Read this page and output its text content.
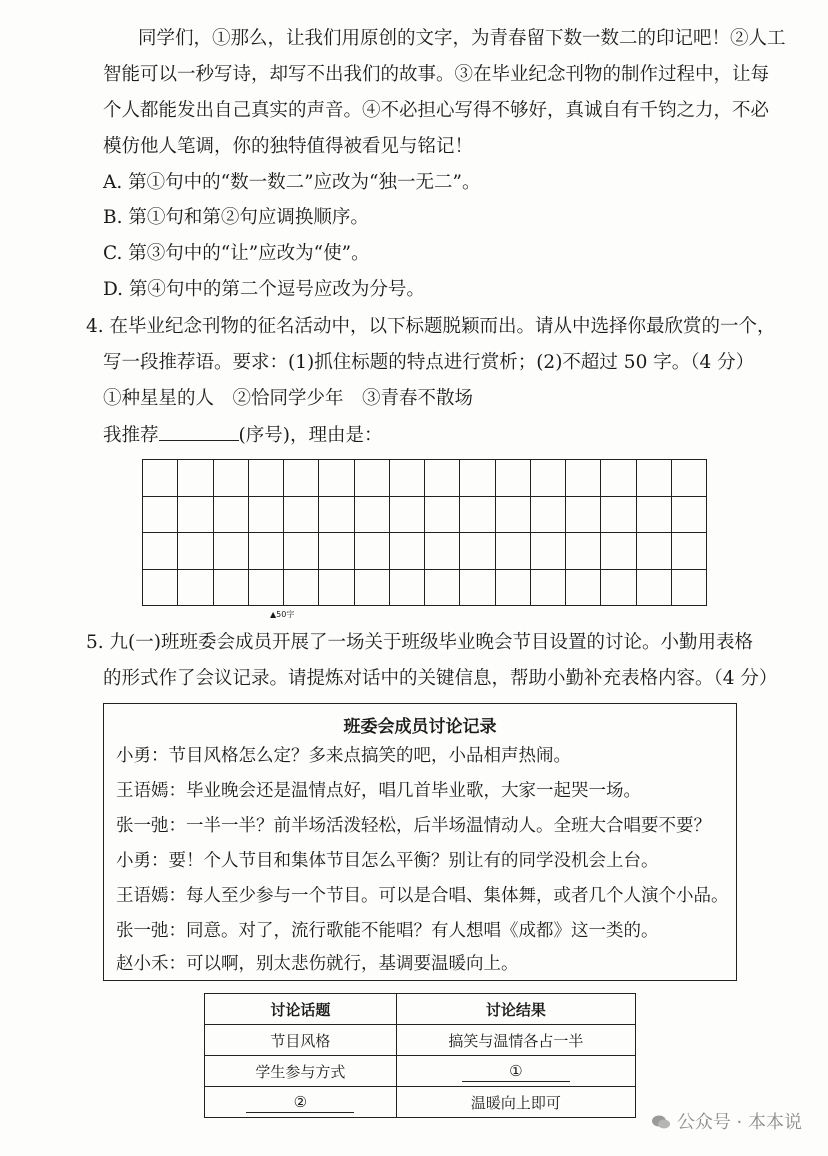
同学们，①那么，让我们用原创的文字，为青春留下数一数二的印记吧！②人工
智能可以一秒写诗，却写不出我们的故事。③在毕业纪念刊物的制作过程中，让每
个人都能发出自己真实的声音。④不必担心写得不够好，真诚自有千钧之力，不必
模仿他人笔调，你的独特值得被看见与铭记！
A. 第①句中的“数一数二”应改为“独一无二”。
B. 第①句和第②句应调换顺序。
C. 第③句中的“让”应改为“使”。
D. 第④句中的第二个逗号应改为分号。
4. 在毕业纪念刊物的征名活动中，以下标题脱颖而出。请从中选择你最欣赏的一个，
写一段推荐语。要求：(1)抓住标题的特点进行赏析；(2)不超过 50 字。（4 分）
①种星星的人　②恰同学少年　③青春不散场
我推荐	(序号)，理由是：
▲50字
5. 九(一)班班委会成员开展了一场关于班级毕业晚会节目设置的讨论。小勤用表格
的形式作了会议记录。请提炼对话中的关键信息，帮助小勤补充表格内容。（4 分）
班委会成员讨论记录
小勇：节目风格怎么定？多来点搞笑的吧，小品相声热闹。
王语嫣：毕业晚会还是温情点好，唱几首毕业歌，大家一起哭一场。
张一弛：一半一半？前半场活泼轻松，后半场温情动人。全班大合唱要不要？
小勇：要！个人节目和集体节目怎么平衡？别让有的同学没机会上台。
王语嫣：每人至少参与一个节目。可以是合唱、集体舞，或者几个人演个小品。
张一弛：同意。对了，流行歌能不能唱？有人想唱《成都》这一类的。
赵小禾：可以啊，别太悲伤就行，基调要温暖向上。
讨论话题	讨论结果
节目风格	搞笑与温情各占一半
学生参与方式	①
②	温暖向上即可
公众号 · 本本说
